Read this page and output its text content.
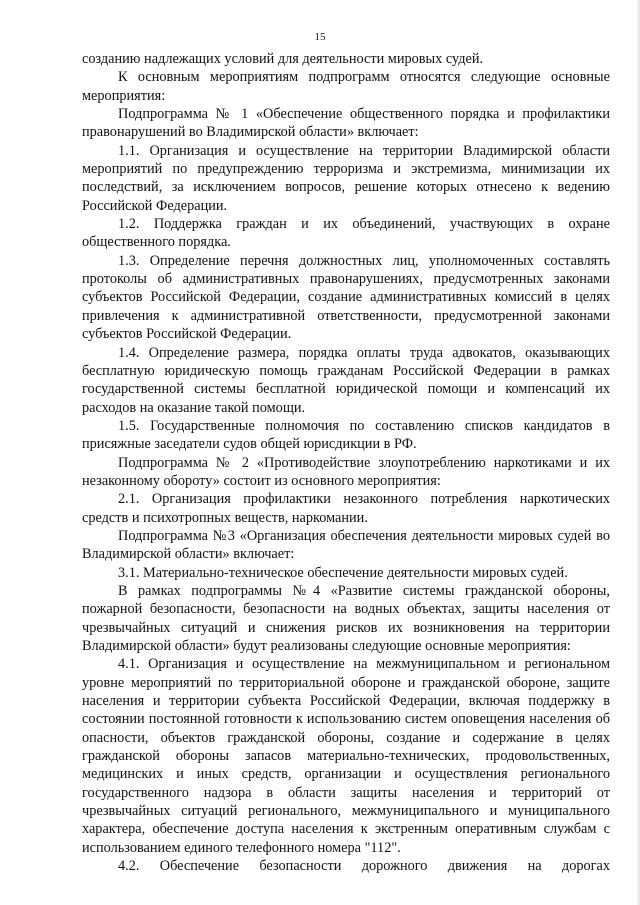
15

созданию надлежащих условий для деятельности мировых судей.

К основным мероприятиям подпрограмм относятся следующие основные мероприятия:

Подпрограмма № 1 «Обеспечение общественного порядка и профилактики правонарушений во Владимирской области» включает:

1.1. Организация и осуществление на территории Владимирской области мероприятий по предупреждению терроризма и экстремизма, минимизации их последствий, за исключением вопросов, решение которых отнесено к ведению Российской Федерации.

1.2. Поддержка граждан и их объединений, участвующих в охране общественного порядка.

1.3. Определение перечня должностных лиц, уполномоченных составлять протоколы об административных правонарушениях, предусмотренных законами субъектов Российской Федерации, создание административных комиссий в целях привлечения к административной ответственности, предусмотренной законами субъектов Российской Федерации.

1.4. Определение размера, порядка оплаты труда адвокатов, оказывающих бесплатную юридическую помощь гражданам Российской Федерации в рамках государственной системы бесплатной юридической помощи и компенсаций их расходов на оказание такой помощи.

1.5. Государственные полномочия по составлению списков кандидатов в присяжные заседатели судов общей юрисдикции в РФ.

Подпрограмма № 2 «Противодействие злоупотреблению наркотиками и их незаконному обороту» состоит из основного мероприятия:

2.1. Организация профилактики незаконного потребления наркотических средств и психотропных веществ, наркомании.

Подпрограмма №3 «Организация обеспечения деятельности мировых судей во Владимирской области» включает:

3.1. Материально-техническое обеспечение деятельности мировых судей.

В рамках подпрограммы №4 «Развитие системы гражданской обороны, пожарной безопасности, безопасности на водных объектах, защиты населения от чрезвычайных ситуаций и снижения рисков их возникновения на территории Владимирской области» будут реализованы следующие основные мероприятия:

4.1. Организация и осуществление на межмуниципальном и региональном уровне мероприятий по территориальной обороне и гражданской обороне, защите населения и территории субъекта Российской Федерации, включая поддержку в состоянии постоянной готовности к использованию систем оповещения населения об опасности, объектов гражданской обороны, создание и содержание в целях гражданской обороны запасов материально-технических, продовольственных, медицинских и иных средств, организации и осуществления регионального государственного надзора в области защиты населения и территорий от чрезвычайных ситуаций регионального, межмуниципального и муниципального характера, обеспечение доступа населения к экстренным оперативным службам с использованием единого телефонного номера "112".

4.2. Обеспечение безопасности дорожного движения на дорогах
